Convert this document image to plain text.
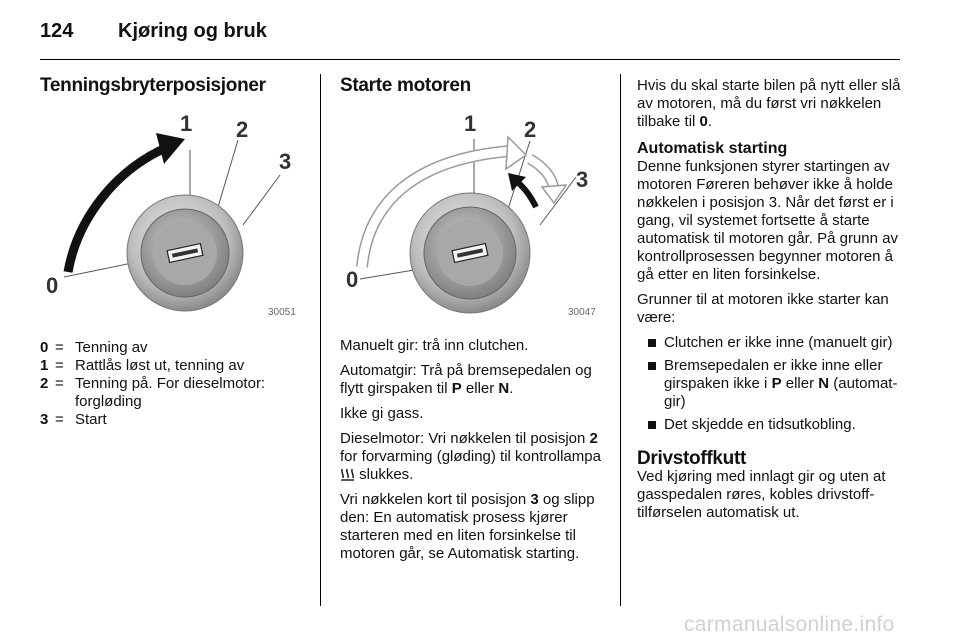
124 Kjøring og bruk
Tenningsbryterposisjoner
1 2
3
0
30051
0 = Tenning av
1 = Rattlås løst ut, tenning av
2 = Tenning på. For dieselmotor: forgløding
3 = Start
Starte motoren
1 2
3
0
30047

Manuelt gir: trå inn clutchen.

Automatgir: Trå på bremsepedalen og flytt girspaken til P eller N.

Ikke gi gass.

Dieselmotor: Vri nøkkelen til posisjon 2 for forvarming (gløding) til kontrollampa  slukkes.

Vri nøkkelen kort til posisjon 3 og slipp den: En automatisk prosess kjører starteren med en liten forsinkelse til motoren går, se Automatisk starting.

Hvis du skal starte bilen på nytt eller slå av motoren, må du først vri nøkkelen tilbake til 0.

Automatisk starting

Denne funksjonen styrer startingen av motoren Føreren behøver ikke å holde nøkkelen i posisjon 3. Når det først er i gang, vil systemet fortsette å starte automatisk til motoren går. På grunn av kontrollprosessen begynner motoren å gå etter en liten forsinkelse.

Grunner til at motoren ikke starter kan være:

Clutchen er ikke inne (manuelt gir)
Bremsepedalen er ikke inne eller girspaken ikke i P eller N (automatgir)
Det skjedde en tidsutkobling.
Drivstoffkutt

Ved kjøring med innlagt gir og uten at gasspedalen røres, kobles drivstofftilførselen automatisk ut.

carmanualsonline.info
